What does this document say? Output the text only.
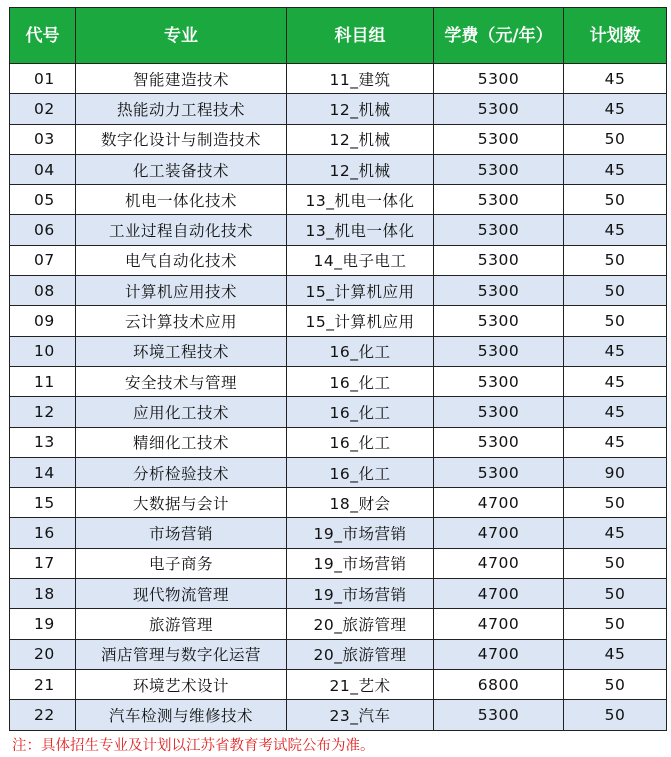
代号	专业	科目组	学费（元/年）	计划数
01	智能建造技术	11_建筑	5300	45
02	热能动力工程技术	12_机械	5300	45
03	数字化设计与制造技术	12_机械	5300	50
04	化工装备技术	12_机械	5300	45
05	机电一体化技术	13_机电一体化	5300	50
06	工业过程自动化技术	13_机电一体化	5300	45
07	电气自动化技术	14_电子电工	5300	50
08	计算机应用技术	15_计算机应用	5300	50
09	云计算技术应用	15_计算机应用	5300	50
10	环境工程技术	16_化工	5300	45
11	安全技术与管理	16_化工	5300	45
12	应用化工技术	16_化工	5300	45
13	精细化工技术	16_化工	5300	45
14	分析检验技术	16_化工	5300	90
15	大数据与会计	18_财会	4700	50
16	市场营销	19_市场营销	4700	45
17	电子商务	19_市场营销	4700	50
18	现代物流管理	19_市场营销	4700	50
19	旅游管理	20_旅游管理	4700	50
20	酒店管理与数字化运营	20_旅游管理	4700	45
21	环境艺术设计	21_艺术	6800	50
22	汽车检测与维修技术	23_汽车	5300	50
注：具体招生专业及计划以江苏省教育考试院公布为准。
